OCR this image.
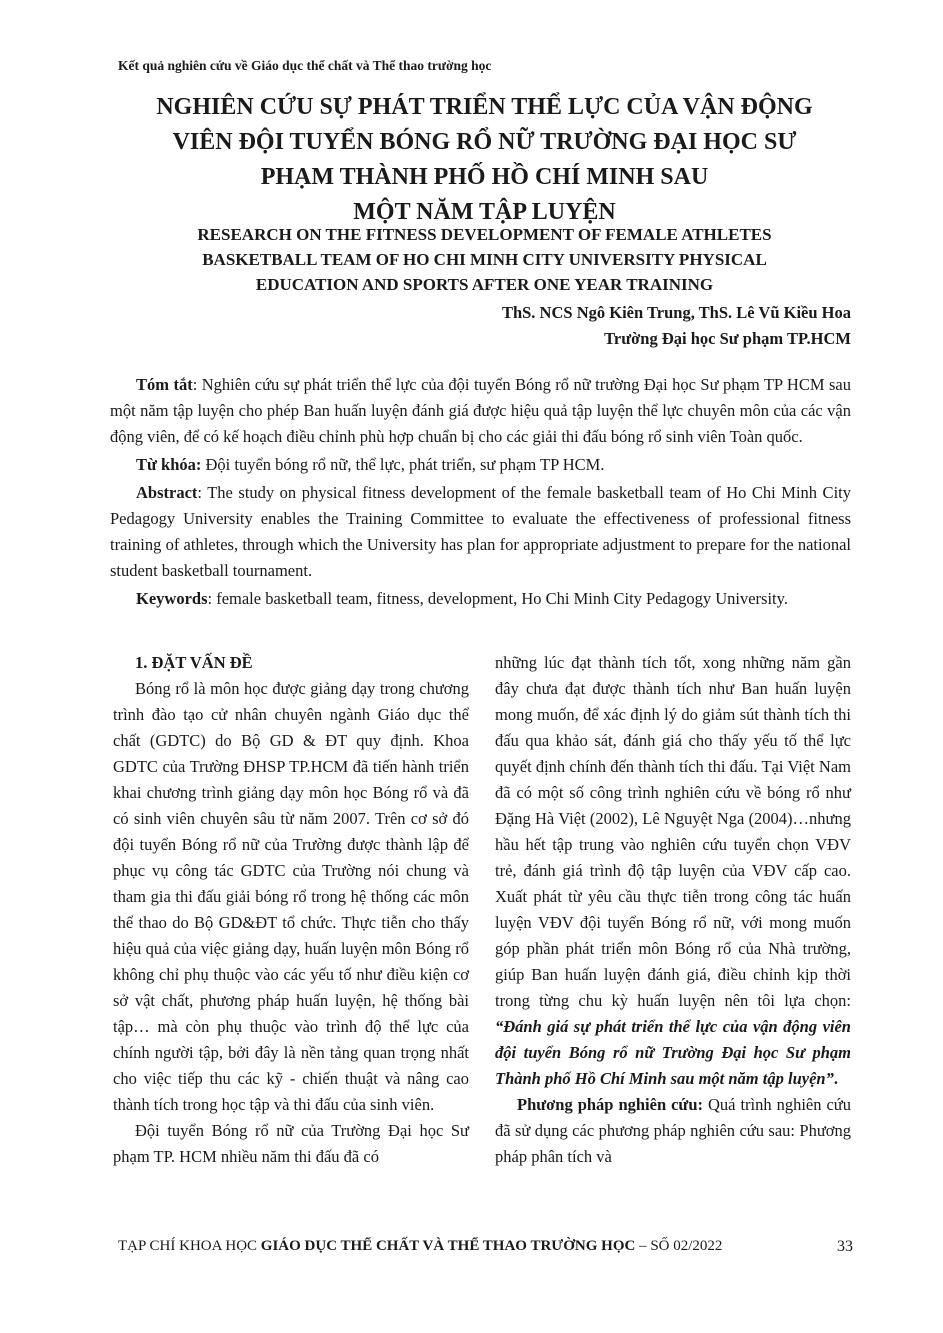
Kết quả nghiên cứu về Giáo dục thể chất và Thể thao trường học
NGHIÊN CỨU SỰ PHÁT TRIỂN THỂ LỰC CỦA VẬN ĐỘNG
VIÊN ĐỘI TUYỂN BÓNG RỔ NỮ TRƯỜNG ĐẠI HỌC SƯ
PHẠM THÀNH PHỐ HỒ CHÍ MINH SAU
MỘT NĂM TẬP LUYỆN
RESEARCH ON THE FITNESS DEVELOPMENT OF FEMALE ATHLETES
BASKETBALL TEAM OF HO CHI MINH CITY UNIVERSITY PHYSICAL
EDUCATION AND SPORTS AFTER ONE YEAR TRAINING
ThS. NCS Ngô Kiên Trung, ThS. Lê Vũ Kiều Hoa
Trường Đại học Sư phạm TP.HCM

Tóm tắt: Nghiên cứu sự phát triển thể lực của đội tuyển Bóng rổ nữ trường Đại học Sư phạm TP HCM sau một năm tập luyện cho phép Ban huấn luyện đánh giá được hiệu quả tập luyện thể lực chuyên môn của các vận động viên, để có kế hoạch điều chỉnh phù hợp chuẩn bị cho các giải thi đấu bóng rổ sinh viên Toàn quốc.

Từ khóa: Đội tuyển bóng rổ nữ, thể lực, phát triển, sư phạm TP HCM.

Abstract: The study on physical fitness development of the female basketball team of Ho Chi Minh City Pedagogy University enables the Training Committee to evaluate the effectiveness of professional fitness training of athletes, through which the University has plan for appropriate adjustment to prepare for the national student basketball tournament.

Keywords: female basketball team, fitness, development, Ho Chi Minh City Pedagogy University.

1. ĐẶT VẤN ĐỀ

Bóng rổ là môn học được giảng dạy trong chương trình đào tạo cử nhân chuyên ngành Giáo dục thể chất (GDTC) do Bộ GD & ĐT quy định. Khoa GDTC của Trường ĐHSP TP.HCM đã tiến hành triển khai chương trình giảng dạy môn học Bóng rổ và đã có sinh viên chuyên sâu từ năm 2007. Trên cơ sở đó đội tuyển Bóng rổ nữ của Trường được thành lập để phục vụ công tác GDTC của Trường nói chung và tham gia thi đấu giải bóng rổ trong hệ thống các môn thể thao do Bộ GD&ĐT tổ chức. Thực tiễn cho thấy hiệu quả của việc giảng dạy, huấn luyện môn Bóng rổ không chỉ phụ thuộc vào các yếu tố như điều kiện cơ sở vật chất, phương pháp huấn luyện, hệ thống bài tập… mà còn phụ thuộc vào trình độ thể lực của chính người tập, bởi đây là nền tảng quan trọng nhất cho việc tiếp thu các kỹ - chiến thuật và nâng cao thành tích trong học tập và thi đấu của sinh viên.

Đội tuyển Bóng rổ nữ của Trường Đại học Sư phạm TP. HCM nhiều năm thi đấu đã có

những lúc đạt thành tích tốt, xong những năm gần đây chưa đạt được thành tích như Ban huấn luyện mong muốn, để xác định lý do giảm sút thành tích thi đấu qua khảo sát, đánh giá cho thấy yếu tố thể lực quyết định chính đến thành tích thi đấu. Tại Việt Nam đã có một số công trình nghiên cứu về bóng rổ như Đặng Hà Việt (2002), Lê Nguyệt Nga (2004)…nhưng hầu hết tập trung vào nghiên cứu tuyển chọn VĐV trẻ, đánh giá trình độ tập luyện của VĐV cấp cao. Xuất phát từ yêu cầu thực tiễn trong công tác huấn luyện VĐV đội tuyển Bóng rổ nữ, với mong muốn góp phần phát triển môn Bóng rổ của Nhà trường, giúp Ban huấn luyện đánh giá, điều chỉnh kịp thời trong từng chu kỳ huấn luyện nên tôi lựa chọn: “Đánh giá sự phát triển thể lực của vận động viên đội tuyển Bóng rổ nữ Trường Đại học Sư phạm Thành phố Hồ Chí Minh sau một năm tập luyện”.

Phương pháp nghiên cứu: Quá trình nghiên cứu đã sử dụng các phương pháp nghiên cứu sau: Phương pháp phân tích và

TẠP CHÍ KHOA HỌC GIÁO DỤC THỂ CHẤT VÀ THỂ THAO TRƯỜNG HỌC – SỐ 02/2022	33
